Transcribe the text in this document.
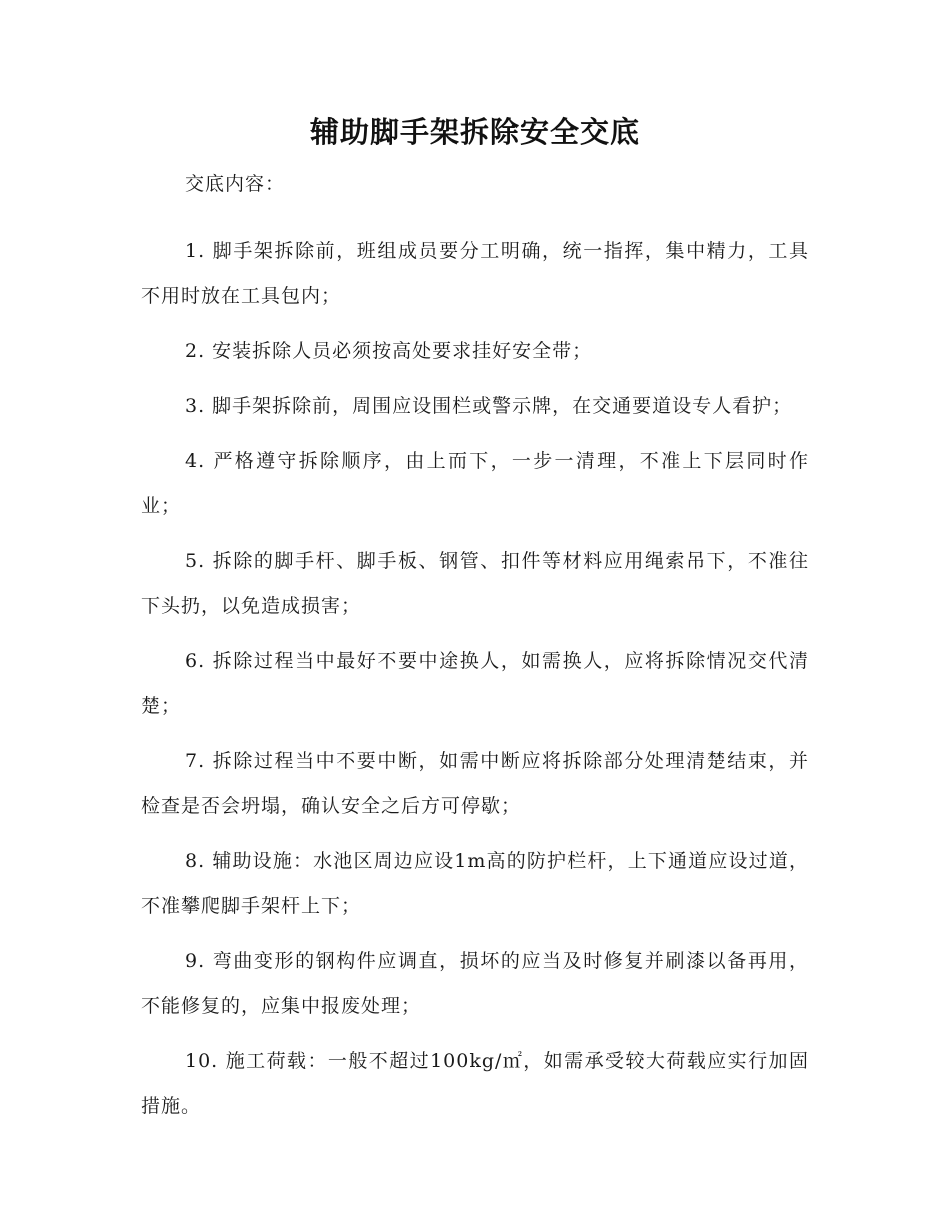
辅助脚手架拆除安全交底

交底内容：

1. 脚手架拆除前，班组成员要分工明确，统一指挥，集中精力，工具不用时放在工具包内；

2. 安装拆除人员必须按高处要求挂好安全带；

3. 脚手架拆除前，周围应设围栏或警示牌，在交通要道设专人看护；

4. 严格遵守拆除顺序，由上而下，一步一清理，不准上下层同时作业；

5. 拆除的脚手杆、脚手板、钢管、扣件等材料应用绳索吊下，不准往下头扔，以免造成损害；

6. 拆除过程当中最好不要中途换人，如需换人，应将拆除情况交代清楚；

7. 拆除过程当中不要中断，如需中断应将拆除部分处理清楚结束，并检查是否会坍塌，确认安全之后方可停歇；

8. 辅助设施：水池区周边应设1m高的防护栏杆，上下通道应设过道，不准攀爬脚手架杆上下；

9. 弯曲变形的钢构件应调直，损坏的应当及时修复并刷漆以备再用，不能修复的，应集中报废处理；

10. 施工荷载：一般不超过100kg/㎡，如需承受较大荷载应实行加固措施。
